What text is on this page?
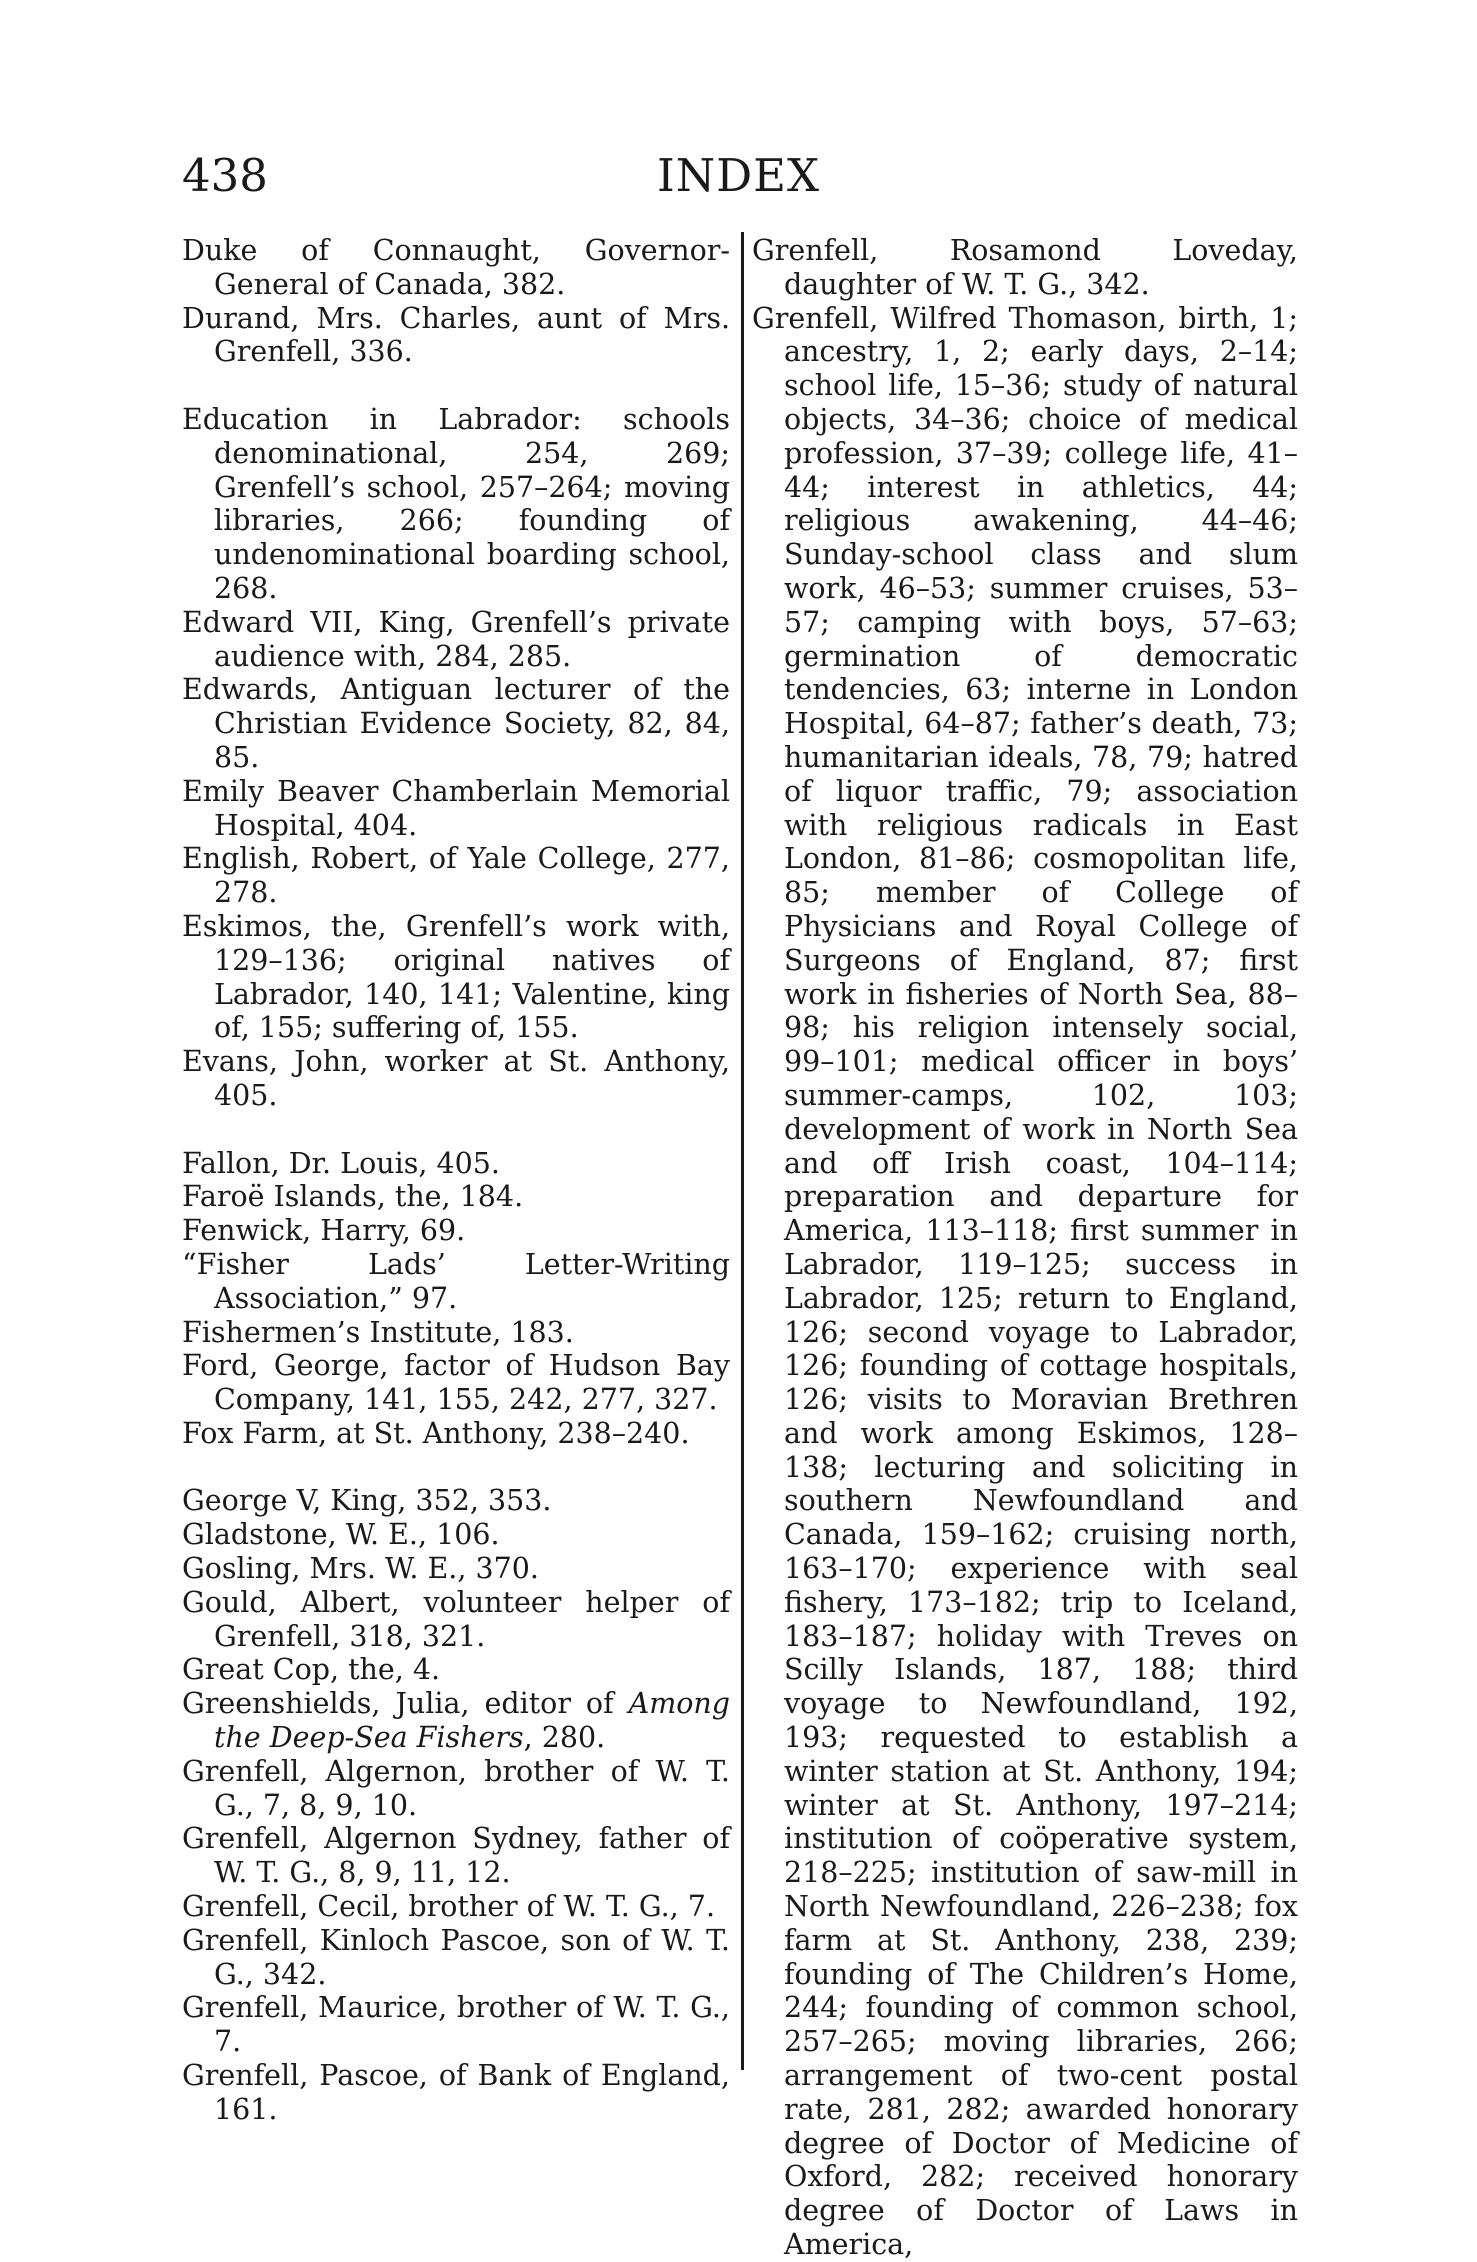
438	INDEX

Duke of Connaught, Governor-General of Canada, 382.

Durand, Mrs. Charles, aunt of Mrs. Grenfell, 336.

Education in Labrador: schools denominational, 254, 269; Grenfell’s school, 257–264; moving libraries, 266; founding of undenominational boarding school, 268.

Edward VII, King, Grenfell’s private audience with, 284, 285.

Edwards, Antiguan lecturer of the Christian Evidence Society, 82, 84, 85.

Emily Beaver Chamberlain Memorial Hospital, 404.

English, Robert, of Yale College, 277, 278.

Eskimos, the, Grenfell’s work with, 129–136; original natives of Labrador, 140, 141; Valentine, king of, 155; suffering of, 155.

Evans, John, worker at St. Anthony, 405.

Fallon, Dr. Louis, 405.

Faroë Islands, the, 184.

Fenwick, Harry, 69.

“Fisher Lads’ Letter-Writing Association,” 97.

Fishermen’s Institute, 183.

Ford, George, factor of Hudson Bay Company, 141, 155, 242, 277, 327.

Fox Farm, at St. Anthony, 238–240.

George V, King, 352, 353.

Gladstone, W. E., 106.

Gosling, Mrs. W. E., 370.

Gould, Albert, volunteer helper of Grenfell, 318, 321.

Great Cop, the, 4.

Greenshields, Julia, editor of Among the Deep-Sea Fishers, 280.

Grenfell, Algernon, brother of W. T. G., 7, 8, 9, 10.

Grenfell, Algernon Sydney, father of W. T. G., 8, 9, 11, 12.

Grenfell, Cecil, brother of W. T. G., 7.

Grenfell, Kinloch Pascoe, son of W. T. G., 342.

Grenfell, Maurice, brother of W. T. G., 7.

Grenfell, Pascoe, of Bank of England, 161.

Grenfell, Rosamond Loveday, daughter of W. T. G., 342.

Grenfell, Wilfred Thomason, birth, 1; ancestry, 1, 2; early days, 2–14; school life, 15–36; study of natural objects, 34–36; choice of medical profession, 37–39; college life, 41–44; interest in athletics, 44; religious awakening, 44–46; Sunday-school class and slum work, 46–53; summer cruises, 53–57; camping with boys, 57–63; germination of democratic tendencies, 63; interne in London Hospital, 64–87; father’s death, 73; humanitarian ideals, 78, 79; hatred of liquor traffic, 79; association with religious radicals in East London, 81–86; cosmopolitan life, 85; member of College of Physicians and Royal College of Surgeons of England, 87; first work in fisheries of North Sea, 88–98; his religion intensely social, 99–101; medical officer in boys’ summer-camps, 102, 103; development of work in North Sea and off Irish coast, 104–114; preparation and departure for America, 113–118; first summer in Labrador, 119–125; success in Labrador, 125; return to England, 126; second voyage to Labrador, 126; founding of cottage hospitals, 126; visits to Moravian Brethren and work among Eskimos, 128–138; lecturing and soliciting in southern Newfoundland and Canada, 159–162; cruising north, 163–170; experience with seal fishery, 173–182; trip to Iceland, 183–187; holiday with Treves on Scilly Islands, 187, 188; third voyage to Newfoundland, 192, 193; requested to establish a winter station at St. Anthony, 194; winter at St. Anthony, 197–214; institution of coöperative system, 218–225; institution of saw-mill in North Newfoundland, 226–238; fox farm at St. Anthony, 238, 239; founding of The Children’s Home, 244; founding of common school, 257–265; moving libraries, 266; arrangement of two-cent postal rate, 281, 282; awarded honorary degree of Doctor of Medicine of Oxford, 282; received honorary degree of Doctor of Laws in America,
